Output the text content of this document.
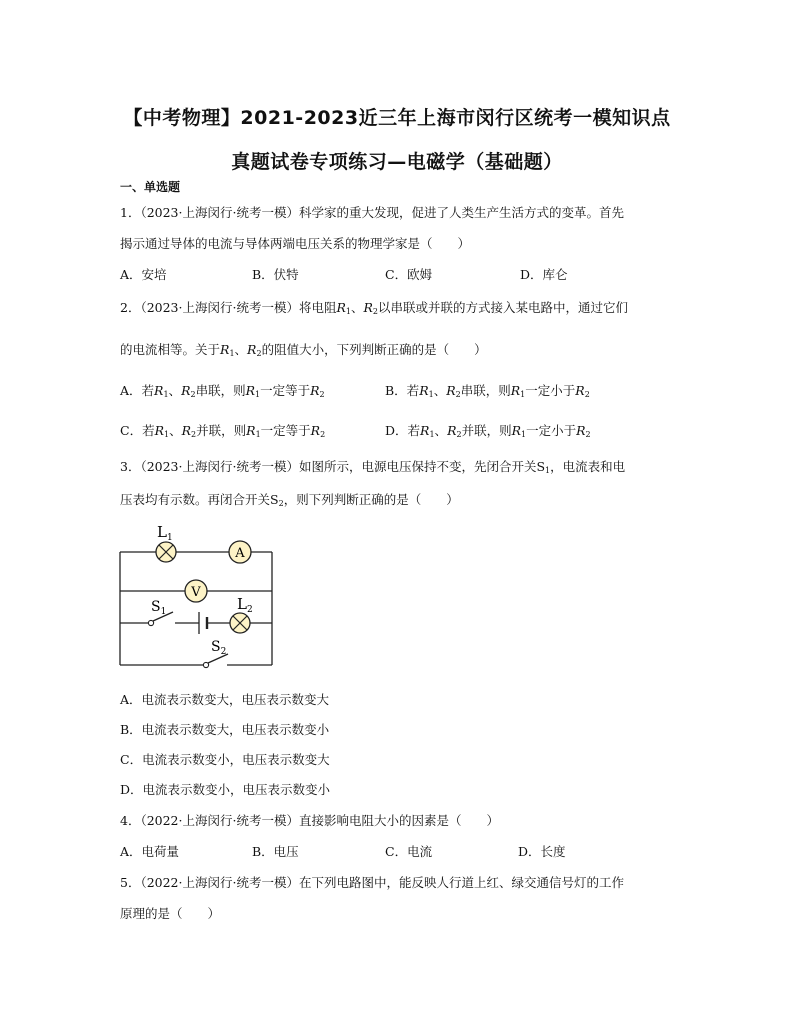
【中考物理】2021-2023近三年上海市闵行区统考一模知识点
真题试卷专项练习—电磁学（基础题）
一、单选题
1．（2023·上海闵行·统考一模）科学家的重大发现，促进了人类生产生活方式的变革。首先
揭示通过导体的电流与导体两端电压关系的物理学家是（　　）
A．安培	B．伏特	C．欧姆	D．库仑
2．（2023·上海闵行·统考一模）将电阻$R_1$、$R_2$以串联或并联的方式接入某电路中，通过它们
的电流相等。关于$R_1$、$R_2$的阻值大小，下列判断正确的是（　　）
A．若$R_1$、$R_2$串联，则$R_1$一定等于$R_2$	B．若$R_1$、$R_2$串联，则$R_1$一定小于$R_2$
C．若$R_1$、$R_2$并联，则$R_1$一定等于$R_2$	D．若$R_1$、$R_2$并联，则$R_1$一定小于$R_2$
3．（2023·上海闵行·统考一模）如图所示，电源电压保持不变，先闭合开关$S_1$，电流表和电
压表均有示数。再闭合开关$S_2$，则下列判断正确的是（　　）
$L_1$
A
V
$S_1$	$L_2$
$S_2$
A．电流表示数变大，电压表示数变大
B．电流表示数变大，电压表示数变小
C．电流表示数变小，电压表示数变大
D．电流表示数变小，电压表示数变小
4．（2022·上海闵行·统考一模）直接影响电阻大小的因素是（　　）
A．电荷量	B．电压	C．电流	D．长度
5．（2022·上海闵行·统考一模）在下列电路图中，能反映人行道上红、绿交通信号灯的工作
原理的是（　　）
